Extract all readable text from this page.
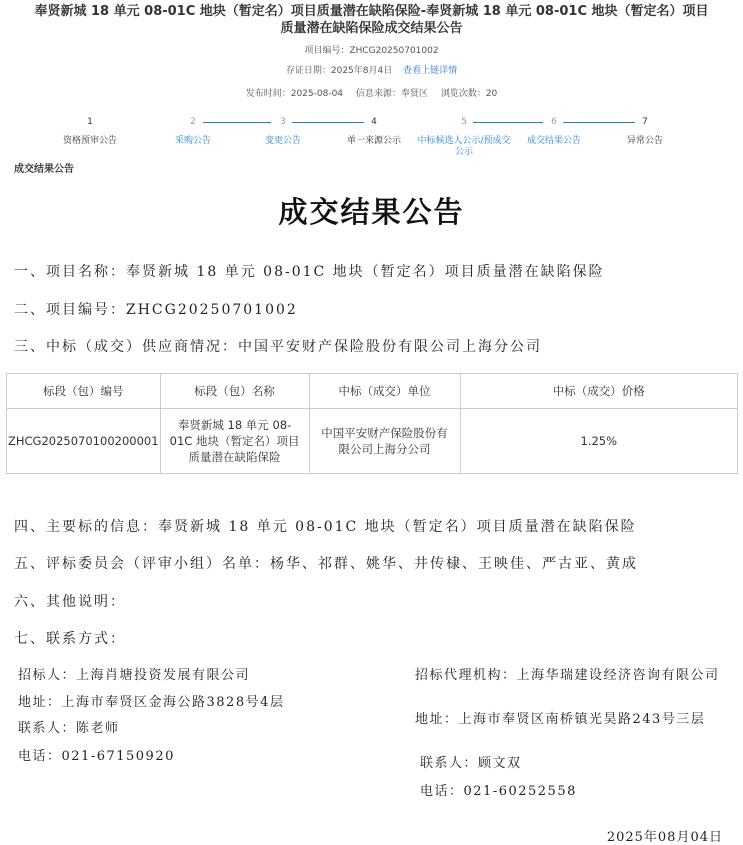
奉贤新城 18 单元 08-01C 地块（暂定名）项目质量潜在缺陷保险-奉贤新城 18 单元 08-01C 地块（暂定名）项目
质量潜在缺陷保险成交结果公告
项目编号：ZHCG20250701002
存证日期：2025年8月4日 查看上链详情
发布时间：2025-08-04 信息来源：奉贤区 浏览次数：20
1
资格预审公告
2
采购公告
3
变更公告
4
单一来源公示
5
中标候选人公示/预成交公示
6
成交结果公告
7
异常公告
成交结果公告
成交结果公告
一、项目名称：奉贤新城 18 单元 08-01C 地块（暂定名）项目质量潜在缺陷保险
二、项目编号：ZHCG20250701002
三、中标（成交）供应商情况：中国平安财产保险股份有限公司上海分公司
标段（包）编号	标段（包）名称	中标（成交）单位	中标（成交）价格
ZHCG2025070100200001	奉贤新城 18 单元 08-01C 地块（暂定名）项目质量潜在缺陷保险	中国平安财产保险股份有限公司上海分公司	1.25%
四、主要标的信息：奉贤新城 18 单元 08-01C 地块（暂定名）项目质量潜在缺陷保险
五、评标委员会（评审小组）名单：杨华、祁群、姚华、井传棣、王映佳、严古亚、黄成
六、其他说明：
七、联系方式：
招标人：上海肖塘投资发展有限公司
地址：上海市奉贤区金海公路3828号4层
联系人：陈老师
电话：021-67150920
招标代理机构：上海华瑞建设经济咨询有限公司
地址：上海市奉贤区南桥镇光昊路243号三层
联系人：顾文双
电话：021-60252558
2025年08月04日
